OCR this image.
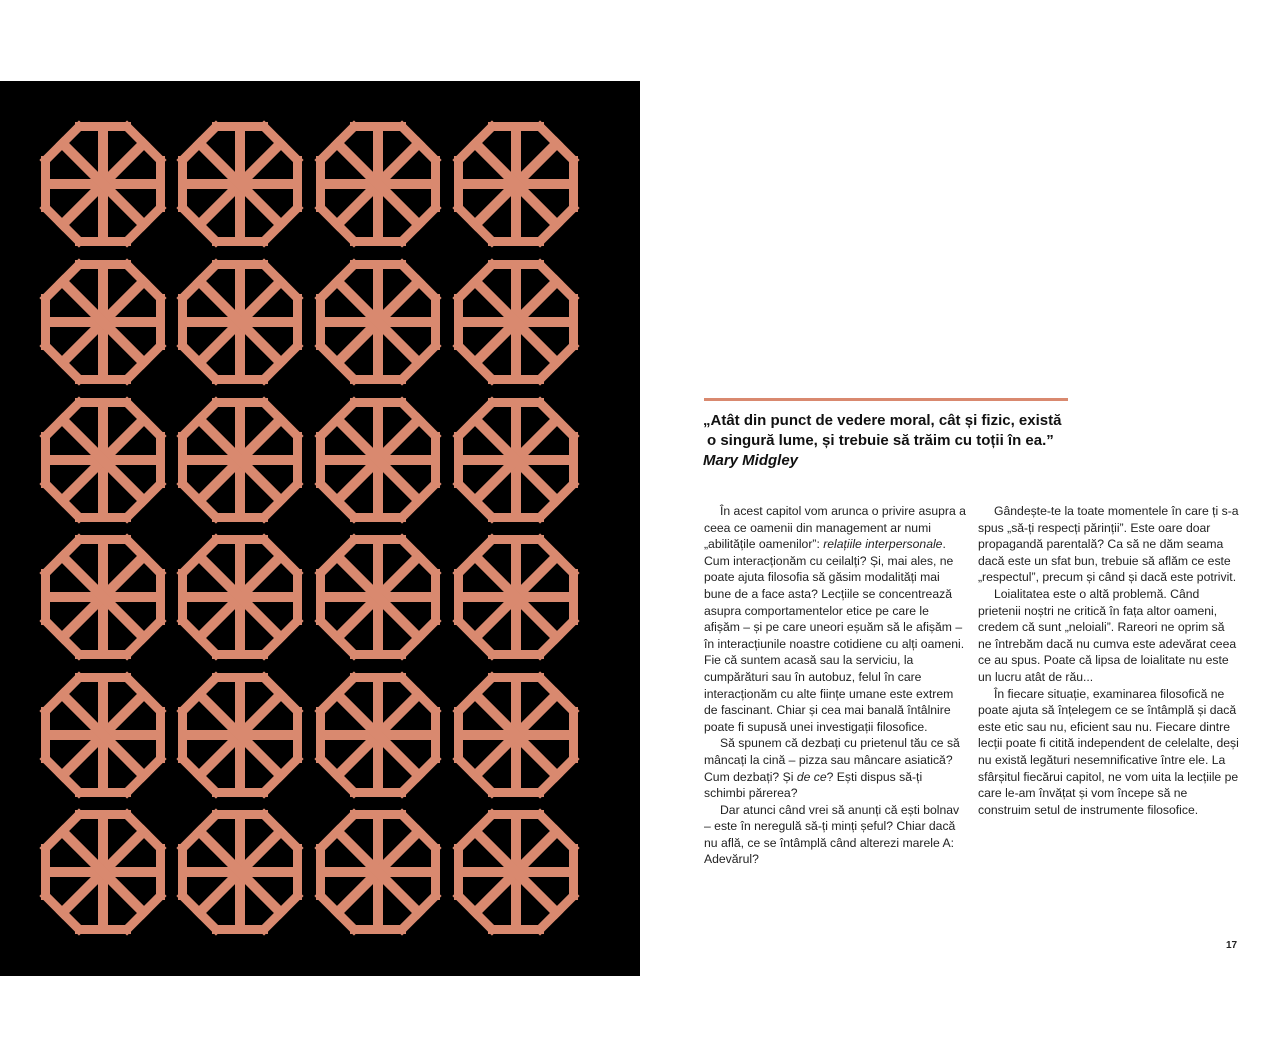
„Atât din punct de vedere moral, cât și fizic, există
o singură lume, și trebuie să trăim cu toții în ea.”
Mary Midgley

În acest capitol vom arunca o privire asupra a ceea ce oamenii din management ar numi „abilitățile oamenilor”: relațiile interpersonale. Cum interacționăm cu ceilalți? Și, mai ales, ne poate ajuta filosofia să găsim modalități mai bune de a face asta? Lecțiile se concentrează asupra comportamentelor etice pe care le afișăm – și pe care uneori eșuăm să le afișăm – în interacțiunile noastre cotidiene cu alți oameni. Fie că suntem acasă sau la serviciu, la cumpărături sau în autobuz, felul în care interacționăm cu alte ființe umane este extrem de fascinant. Chiar și cea mai banală întâlnire poate fi supusă unei investigații filosofice.

Să spunem că dezbați cu prietenul tău ce să mâncați la cină – pizza sau mâncare asiatică? Cum dezbați? Și de ce? Ești dispus să-ți schimbi părerea?

Dar atunci când vrei să anunți că ești bolnav – este în neregulă să-ți minți șeful? Chiar dacă nu află, ce se întâmplă când alterezi marele A: Adevărul?

Gândește-te la toate momentele în care ți s-a spus „să-ți respecți părinții”. Este oare doar propagandă parentală? Ca să ne dăm seama dacă este un sfat bun, trebuie să aflăm ce este „respectul”, precum și când și dacă este potrivit.

Loialitatea este o altă problemă. Când prietenii noștri ne critică în fața altor oameni, credem că sunt „neloiali”. Rareori ne oprim să ne întrebăm dacă nu cumva este adevărat ceea ce au spus. Poate că lipsa de loialitate nu este un lucru atât de rău...

În fiecare situație, examinarea filosofică ne poate ajuta să înțelegem ce se întâmplă și dacă este etic sau nu, eficient sau nu. Fiecare dintre lecții poate fi citită independent de celelalte, deși nu există legături nesemnificative între ele. La sfârșitul fiecărui capitol, ne vom uita la lecțiile pe care le-am învățat și vom începe să ne construim setul de instrumente filosofice.

17
